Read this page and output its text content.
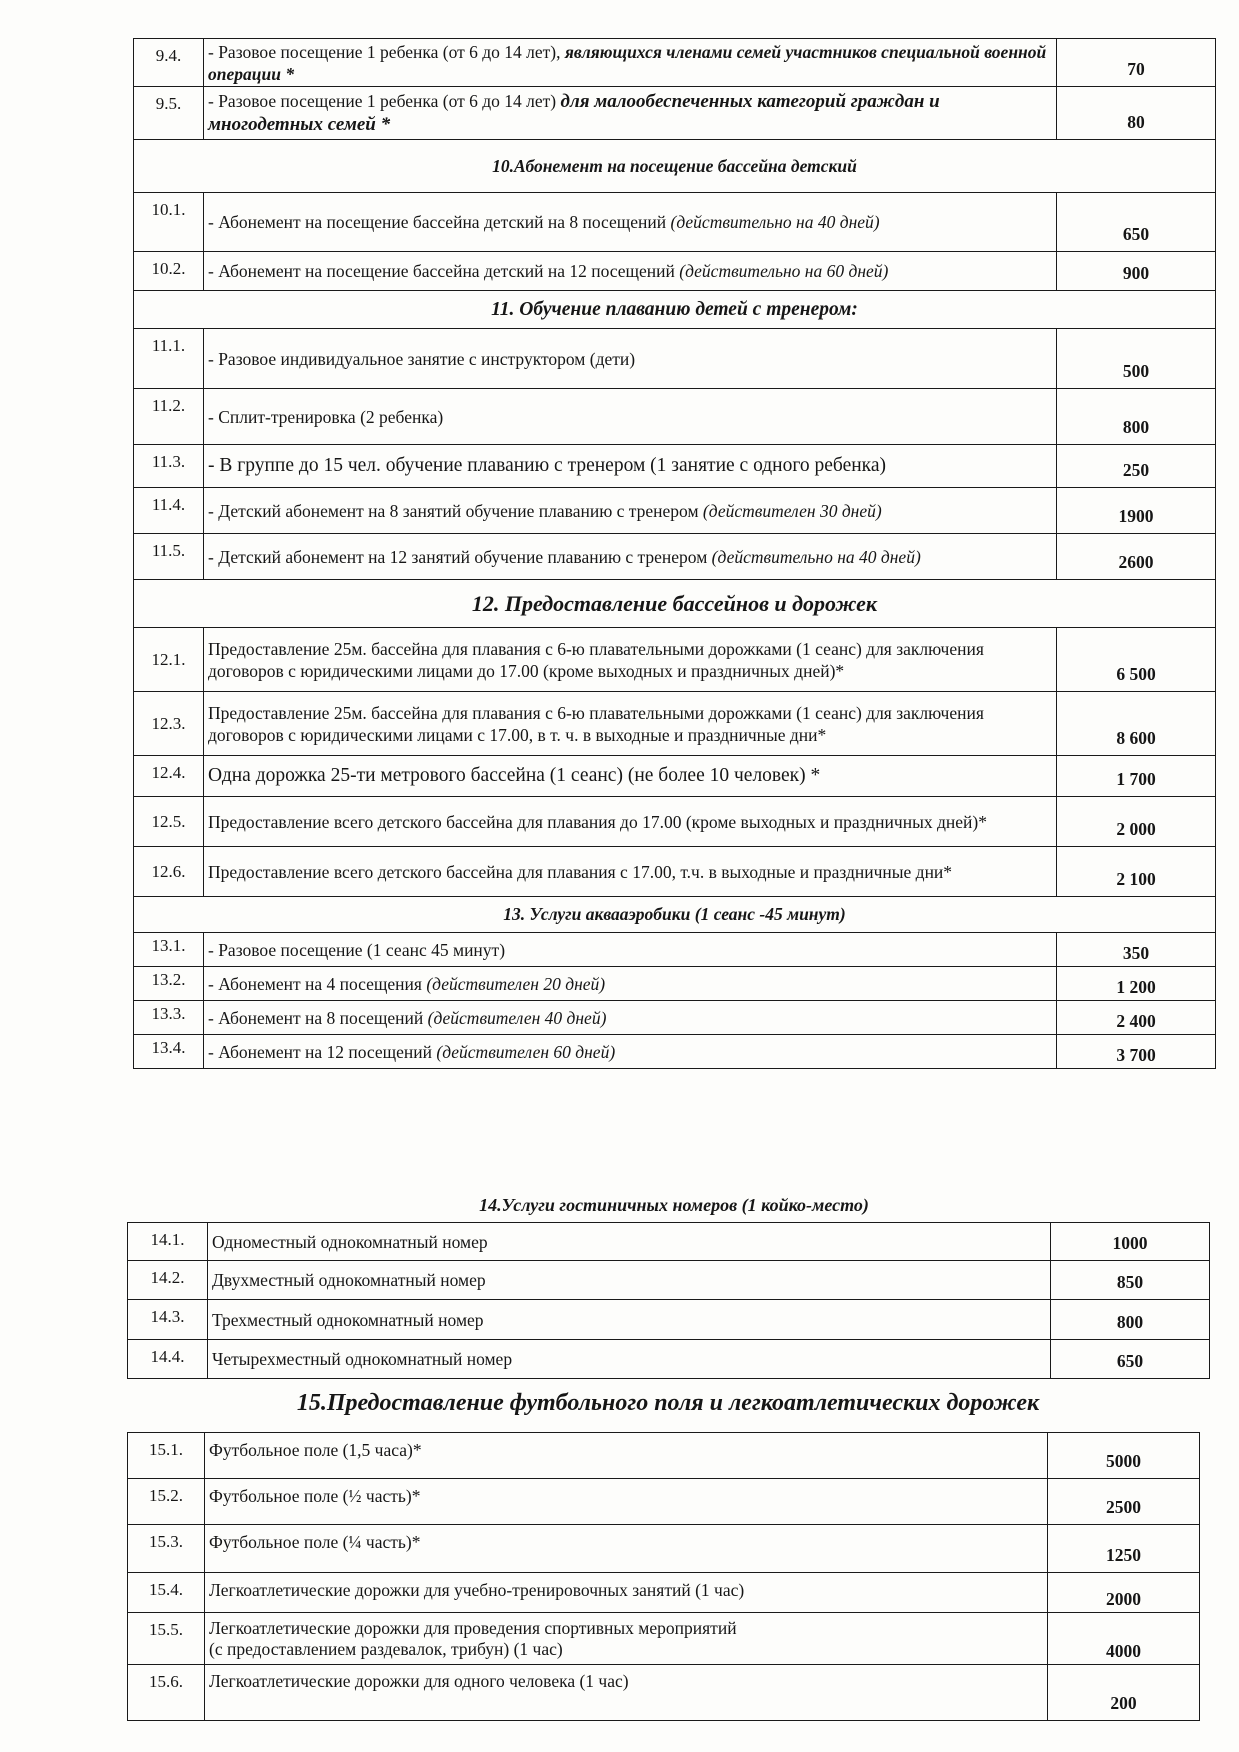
9.4.	- Разовое посещение 1 ребенка (от 6 до 14 лет), являющихся членами семей участников специальной военной операции *	70
9.5.	- Разовое посещение 1 ребенка (от 6 до 14 лет) для малообеспеченных категорий граждан и многодетных семей *	80
10.Абонемент на посещение бассейна детский		
10.1.	- Абонемент на посещение бассейна детский на 8 посещений (действительно на 40 дней)	650
10.2.	- Абонемент на посещение бассейна детский на 12 посещений (действительно на 60 дней)	900
11. Обучение плаванию детей с тренером:		
11.1.	- Разовое индивидуальное занятие с инструктором (дети)	500
11.2.	- Сплит-тренировка (2 ребенка)	800
11.3.	- В группе до 15 чел. обучение плаванию с тренером (1 занятие с одного ребенка)	250
11.4.	- Детский абонемент на 8 занятий обучение плаванию с тренером (действителен 30 дней)	1900
11.5.	- Детский абонемент на 12 занятий обучение плаванию с тренером (действительно на 40 дней)	2600
12. Предоставление бассейнов и дорожек		
12.1.	Предоставление 25м. бассейна для плавания с 6-ю плавательными дорожками (1 сеанс) для заключения договоров с юридическими лицами до 17.00 (кроме выходных и праздничных дней)*	6 500
12.3.	Предоставление 25м. бассейна для плавания с 6-ю плавательными дорожками (1 сеанс) для заключения договоров с юридическими лицами с 17.00, в т. ч. в выходные и праздничные дни*	8 600
12.4.	Одна дорожка 25-ти метрового бассейна (1 сеанс) (не более 10 человек) *	1 700
12.5.	Предоставление всего детского бассейна для плавания до 17.00 (кроме выходных и праздничных дней)*	2 000
12.6.	Предоставление всего детского бассейна для плавания с 17.00, т.ч. в выходные и праздничные дни*	2 100
13. Услуги аквааэробики (1 сеанс -45 минут)		
13.1.	- Разовое посещение (1 сеанс 45 минут)	350
13.2.	- Абонемент на 4 посещения (действителен 20 дней)	1 200
13.3.	- Абонемент на 8 посещений (действителен 40 дней)	2 400
13.4.	- Абонемент на 12 посещений (действителен 60 дней)	3 700
14.Услуги гостиничных номеров (1 койко-место)
14.1.	Одноместный однокомнатный номер	1000
14.2.	Двухместный однокомнатный номер	850
14.3.	Трехместный однокомнатный номер	800
14.4.	Четырехместный однокомнатный номер	650
15.Предоставление футбольного поля и легкоатлетических дорожек
15.1.	Футбольное поле (1,5 часа)*	5000
15.2.	Футбольное поле (½ часть)*	2500
15.3.	Футбольное поле (¼ часть)*	1250
15.4.	Легкоатлетические дорожки для учебно-тренировочных занятий (1 час)	2000
15.5.	Легкоатлетические дорожки для проведения спортивных мероприятий
(с предоставлением раздевалок, трибун) (1 час)	4000
15.6.	Легкоатлетические дорожки для одного человека (1 час)	200
